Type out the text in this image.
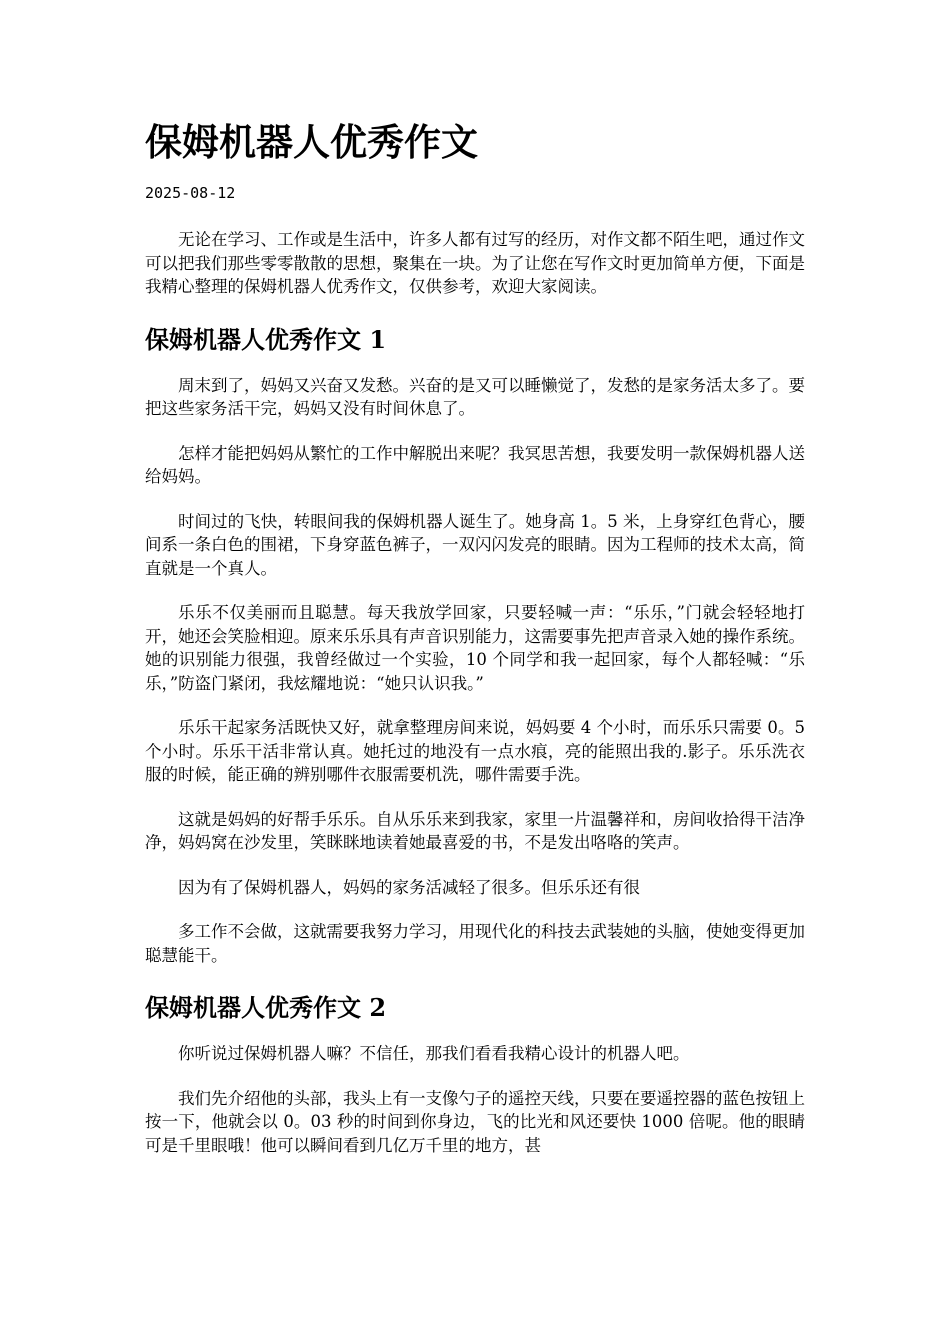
保姆机器人优秀作文
2025-08-12

无论在学习、工作或是生活中，许多人都有过写的经历，对作文都不陌生吧，通过作文可以把我们那些零零散散的思想，聚集在一块。为了让您在写作文时更加简单方便，下面是我精心整理的保姆机器人优秀作文，仅供参考，欢迎大家阅读。

保姆机器人优秀作文 1

周末到了，妈妈又兴奋又发愁。兴奋的是又可以睡懒觉了，发愁的是家务活太多了。要把这些家务活干完，妈妈又没有时间休息了。

怎样才能把妈妈从繁忙的工作中解脱出来呢？我冥思苦想，我要发明一款保姆机器人送给妈妈。

时间过的飞快，转眼间我的保姆机器人诞生了。她身高 1。5 米，上身穿红色背心，腰间系一条白色的围裙，下身穿蓝色裤子，一双闪闪发亮的眼睛。因为工程师的技术太高，简直就是一个真人。

乐乐不仅美丽而且聪慧。每天我放学回家，只要轻喊一声：“乐乐，”门就会轻轻地打开，她还会笑脸相迎。原来乐乐具有声音识别能力，这需要事先把声音录入她的操作系统。她的识别能力很强，我曾经做过一个实验，10 个同学和我一起回家，每个人都轻喊：“乐乐，”防盗门紧闭，我炫耀地说：“她只认识我。”

乐乐干起家务活既快又好，就拿整理房间来说，妈妈要 4 个小时，而乐乐只需要 0。5 个小时。乐乐干活非常认真。她托过的地没有一点水痕，亮的能照出我的.影子。乐乐洗衣服的时候，能正确的辨别哪件衣服需要机洗，哪件需要手洗。

这就是妈妈的好帮手乐乐。自从乐乐来到我家，家里一片温馨祥和，房间收拾得干洁净净，妈妈窝在沙发里，笑眯眯地读着她最喜爱的书，不是发出咯咯的笑声。

因为有了保姆机器人，妈妈的家务活减轻了很多。但乐乐还有很

多工作不会做，这就需要我努力学习，用现代化的科技去武装她的头脑，使她变得更加聪慧能干。

保姆机器人优秀作文 2

你听说过保姆机器人嘛？不信任，那我们看看我精心设计的机器人吧。

我们先介绍他的头部，我头上有一支像勺子的遥控天线，只要在要遥控器的蓝色按钮上按一下，他就会以 0。03 秒的时间到你身边，飞的比光和风还要快 1000 倍呢。他的眼睛可是千里眼哦！他可以瞬间看到几亿万千里的地方，甚
